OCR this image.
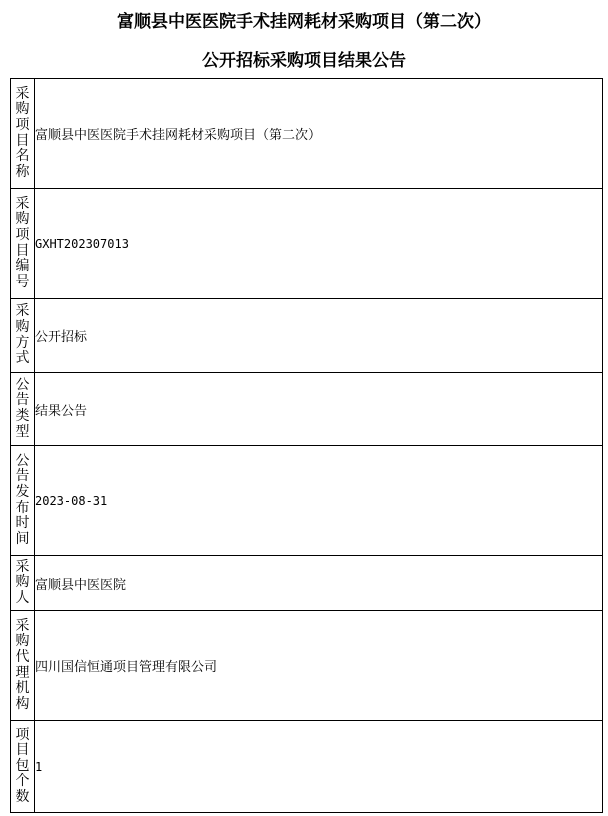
富顺县中医医院手术挂网耗材采购项目（第二次）
公开招标采购项目结果公告
采购项目名称	富顺县中医医院手术挂网耗材采购项目（第二次）

采购项目编号	GXHT202307013

采购方式	公开招标

公告类型	结果公告

公告发布时间	2023-08-31

采购人	富顺县中医医院

采购代理机构	四川国信恒通项目管理有限公司

项目包个数	1
